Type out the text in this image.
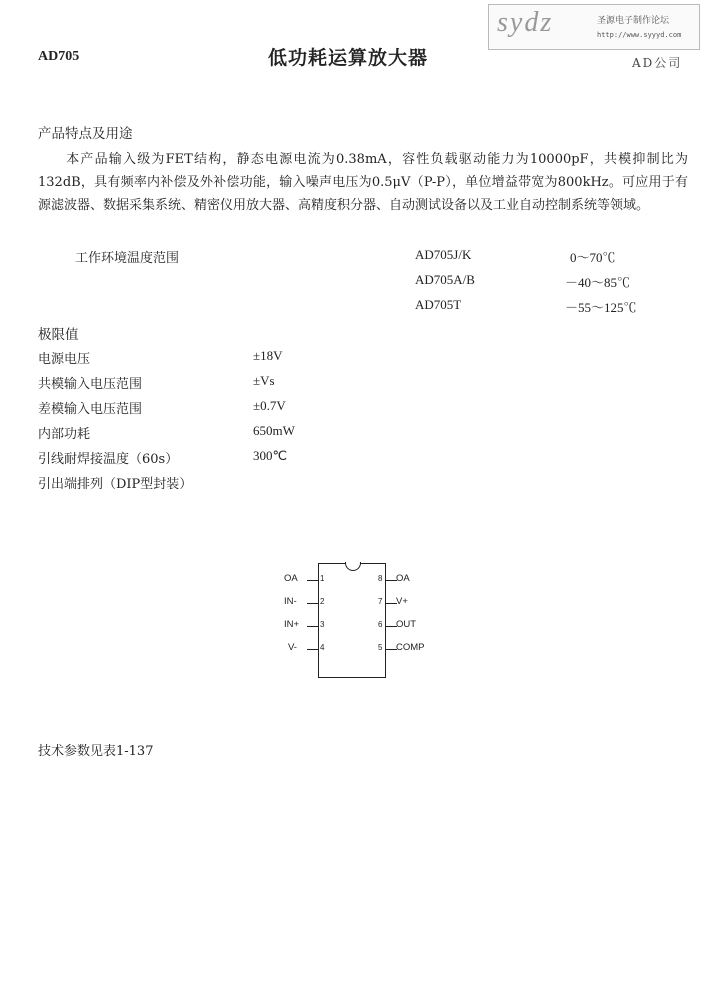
AD705	低功耗运算放大器
sydz	圣源电子制作论坛
http://www.syyyd.com
AD公司
产品特点及用途
本产品输入级为FET结构，静态电源电流为0.38mA，容性负载驱动能力为10000pF，共模抑制比为132dB，具有频率内补偿及外补偿功能，输入噪声电压为0.5μV（P-P），单位增益带宽为800kHz。可应用于有源滤波器、数据采集系统、精密仪用放大器、高精度积分器、自动测试设备以及工业自动控制系统等领域。
工作环境温度范围	AD705J/K	0～70℃
AD705A/B	－40～85℃
AD705T	－55～125℃
极限值
电源电压	±18V
共模输入电压范围	±Vs
差模输入电压范围	±0.7V
内部功耗	650mW
引线耐焊接温度（60s）	300℃
引出端排列（DIP型封装）
1
2
3
4
OA
IN-
IN+
V-
8
7
6
5
OA
V+
OUT
COMP
技术参数见表1-137
